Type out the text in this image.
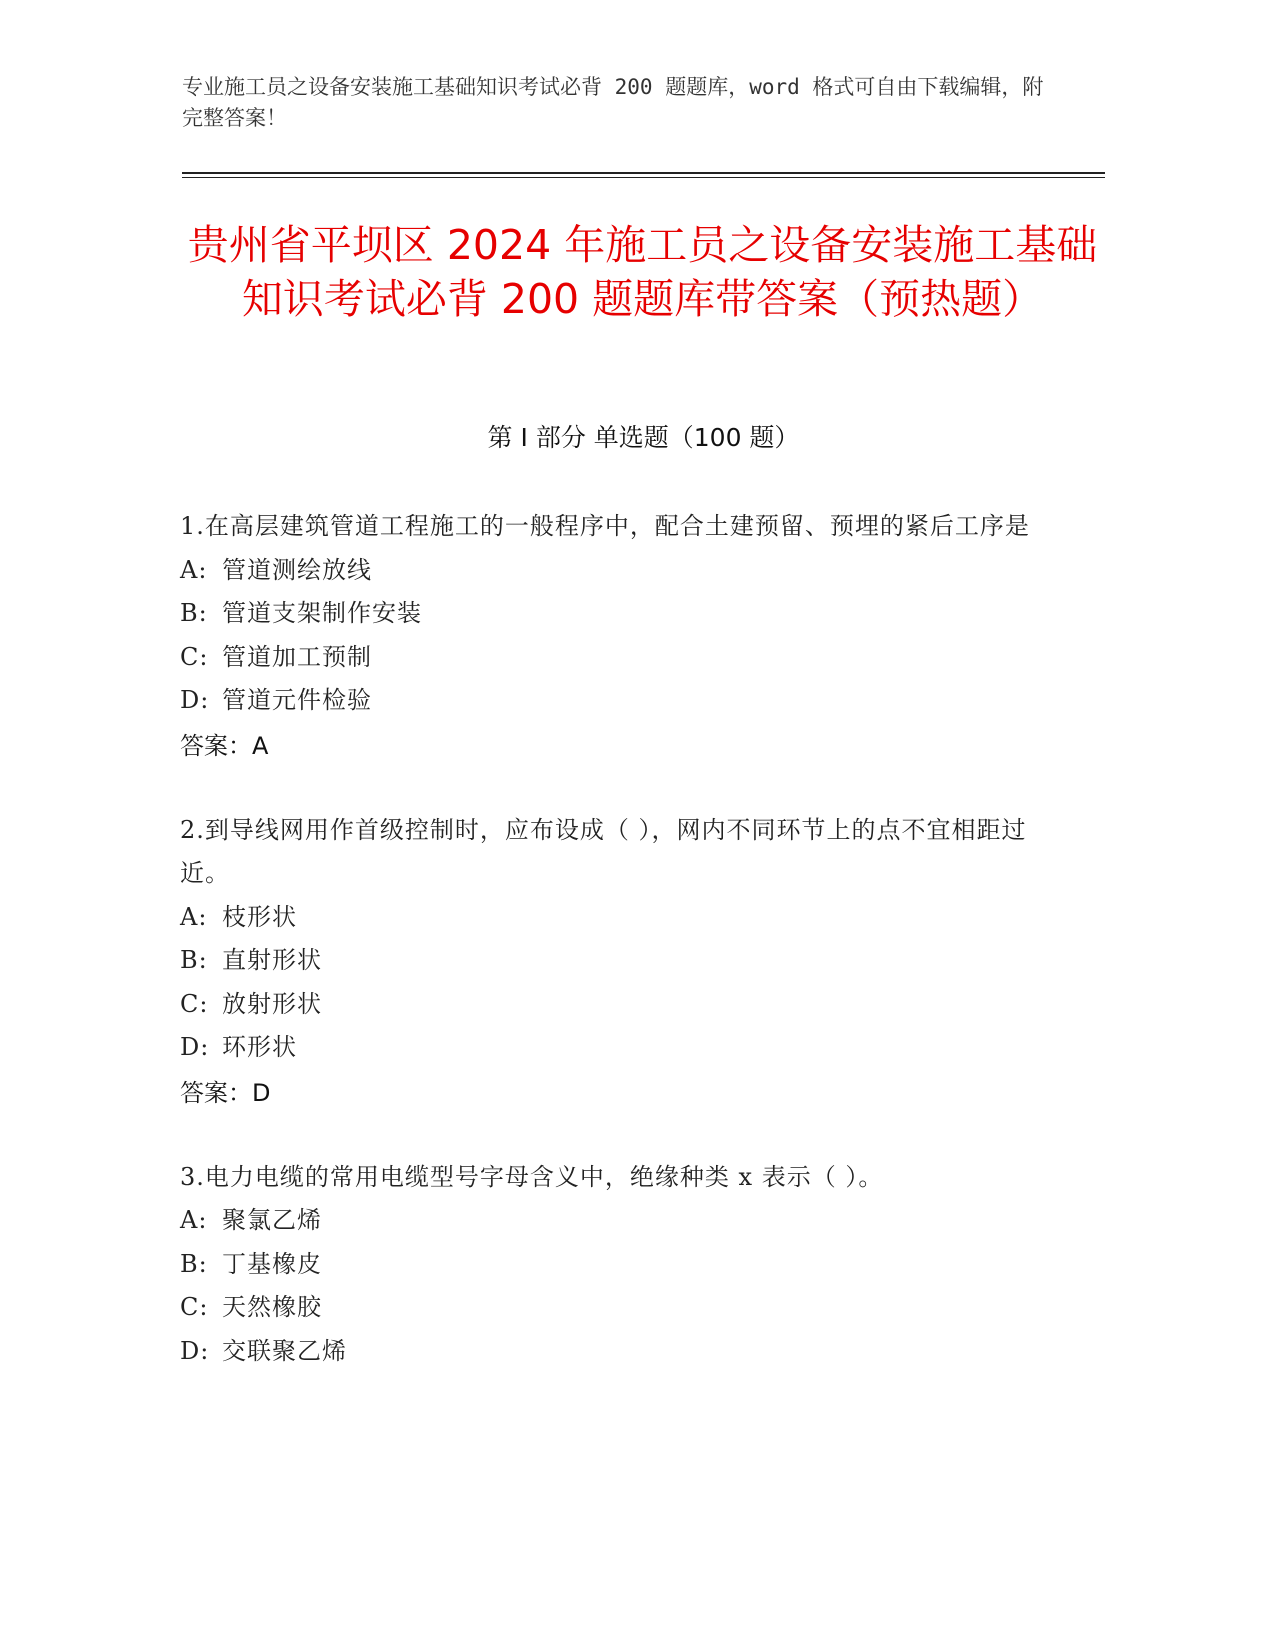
专业施工员之设备安装施工基础知识考试必背 200 题题库，word 格式可自由下载编辑，附完整答案！
贵州省平坝区 2024 年施工员之设备安装施工基础知识考试必背 200 题题库带答案（预热题）
第 I 部分 单选题（100 题）
1.在高层建筑管道工程施工的一般程序中，配合土建预留、预埋的紧后工序是
A: 管道测绘放线
B: 管道支架制作安装
C: 管道加工预制
D: 管道元件检验
答案：A
2.到导线网用作首级控制时，应布设成（ ），网内不同环节上的点不宜相距过近。
A: 枝形状
B: 直射形状
C: 放射形状
D: 环形状
答案：D
3.电力电缆的常用电缆型号字母含义中，绝缘种类 x 表示（ ）。
A: 聚氯乙烯
B: 丁基橡皮
C: 天然橡胶
D: 交联聚乙烯
